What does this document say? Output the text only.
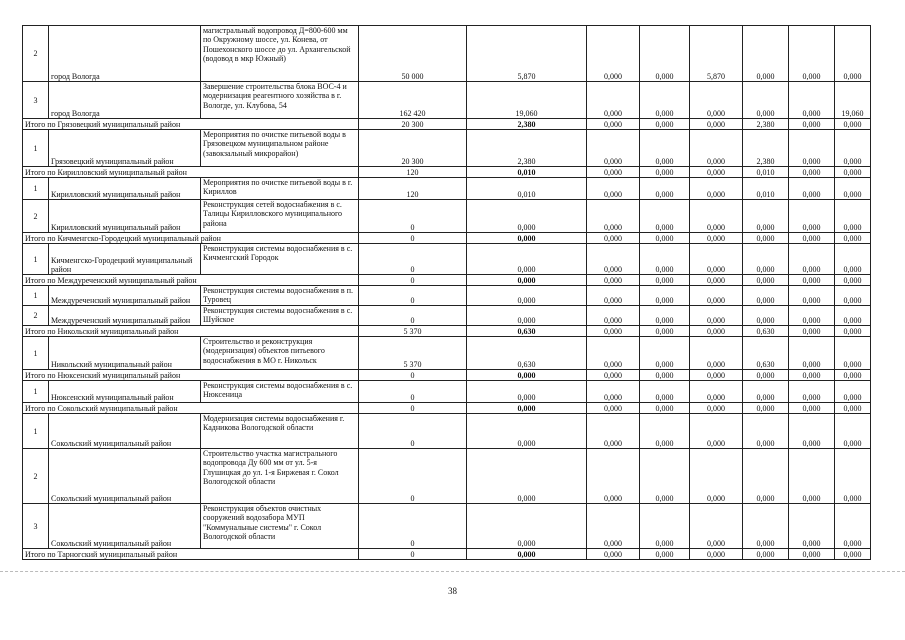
2	город Вологда	магистральный водопровод Д=800-600 мм по Окружному шоссе, ул. Конева, от Пошехонского шоссе до ул. Архангельской (водовод в мкр Южный)	50 000	5,870	0,000	0,000	5,870	0,000	0,000	0,000
3	город Вологда	Завершение строительства блока ВОС-4 и модернизация реагентного хозяйства в г. Вологде, ул. Клубова, 54	162 420	19,060	0,000	0,000	0,000	0,000	0,000	19,060
Итого по Грязовецкий муниципальный район			20 300	2,380	0,000	0,000	0,000	2,380	0,000	0,000
1	Грязовецкий муниципальный район	Мероприятия по очистке питьевой воды в Грязовецком муниципальном районе (завокзальный микрорайон)	20 300	2,380	0,000	0,000	0,000	2,380	0,000	0,000
Итого по Кирилловский муниципальный район			120	0,010	0,000	0,000	0,000	0,010	0,000	0,000
1	Кирилловский муниципальный район	Мероприятия по очистке питьевой воды в г. Кириллов	120	0,010	0,000	0,000	0,000	0,010	0,000	0,000
2	Кирилловский муниципальный район	Реконструкция сетей водоснабжения в с. Талицы Кирилловского муниципального района	0	0,000	0,000	0,000	0,000	0,000	0,000	0,000
Итого по Кичменгско-Городецкий муниципальный район			0	0,000	0,000	0,000	0,000	0,000	0,000	0,000
1	Кичменгско-Городецкий муниципальный район	Реконструкция системы водоснабжения в с. Кичменгский Городок	0	0,000	0,000	0,000	0,000	0,000	0,000	0,000
Итого по Междуреченский муниципальный район			0	0,000	0,000	0,000	0,000	0,000	0,000	0,000
1	Междуреченский муниципальный район	Реконструкция системы водоснабжения в п. Туровец	0	0,000	0,000	0,000	0,000	0,000	0,000	0,000
2	Междуреченский муниципальный район	Реконструкция системы водоснабжения в с. Шуйское	0	0,000	0,000	0,000	0,000	0,000	0,000	0,000
Итого по Никольский муниципальный район			5 370	0,630	0,000	0,000	0,000	0,630	0,000	0,000
1	Никольский муниципальный район	Строительство и реконструкция (модернизация) объектов питьевого водоснабжения в МО г. Никольск	5 370	0,630	0,000	0,000	0,000	0,630	0,000	0,000
Итого по Нюксенский муниципальный район			0	0,000	0,000	0,000	0,000	0,000	0,000	0,000
1	Нюксенский муниципальный район	Реконструкция системы водоснабжения в с. Нюксеница	0	0,000	0,000	0,000	0,000	0,000	0,000	0,000
Итого по Сокольский муниципальный район			0	0,000	0,000	0,000	0,000	0,000	0,000	0,000
1	Сокольский муниципальный район	Модернизация системы водоснабжения г. Кадникова Вологодской области	0	0,000	0,000	0,000	0,000	0,000	0,000	0,000
2	Сокольский муниципальный район	Строительство участка магистрального водопровода Ду 600 мм от ул. 5-я Глушицкая до ул. 1-я Биржевая г. Сокол Вологодской области	0	0,000	0,000	0,000	0,000	0,000	0,000	0,000
3	Сокольский муниципальный район	Реконструкция объектов очистных сооружений водозабора МУП "Коммунальные системы" г. Сокол Вологодской области	0	0,000	0,000	0,000	0,000	0,000	0,000	0,000
Итого по Тарногский муниципальный район			0	0,000	0,000	0,000	0,000	0,000	0,000	0,000
38
